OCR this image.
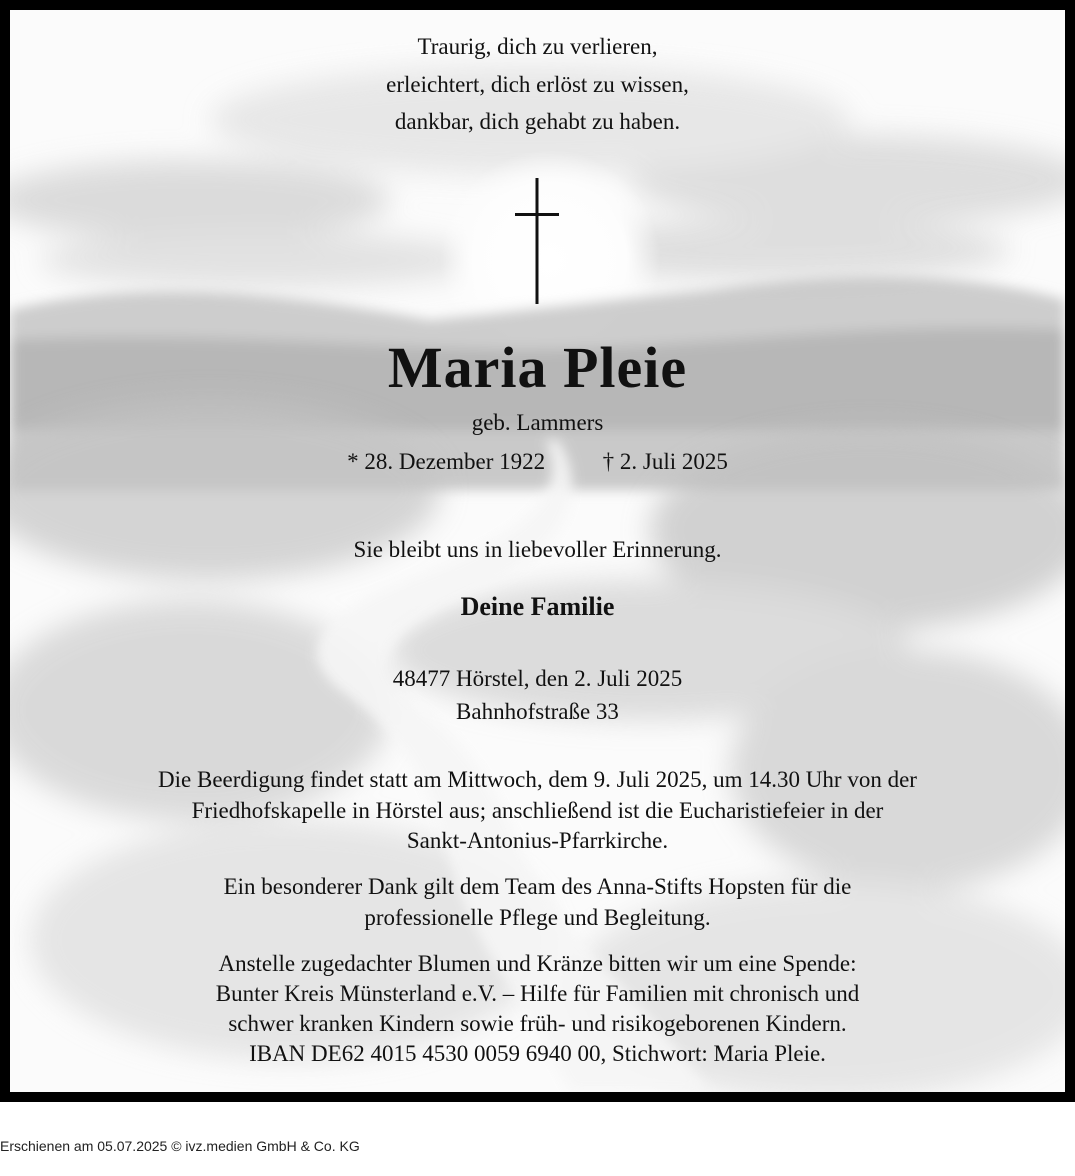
Traurig, dich zu verlieren,
erleichtert, dich erlöst zu wissen,
dankbar, dich gehabt zu haben.
Maria Pleie
geb. Lammers
* 28. Dezember 1922	† 2. Juli 2025
Sie bleibt uns in liebevoller Erinnerung.
Deine Familie
48477 Hörstel, den 2. Juli 2025
Bahnhofstraße 33
Die Beerdigung findet statt am Mittwoch, dem 9. Juli 2025, um 14.30 Uhr von der
Friedhofskapelle in Hörstel aus; anschließend ist die Eucharistiefeier in der
Sankt-Antonius-Pfarrkirche.
Ein besonderer Dank gilt dem Team des Anna-Stifts Hopsten für die
professionelle Pflege und Begleitung.
Anstelle zugedachter Blumen und Kränze bitten wir um eine Spende:
Bunter Kreis Münsterland e.V. – Hilfe für Familien mit chronisch und
schwer kranken Kindern sowie früh- und risikogeborenen Kindern.
IBAN DE62 4015 4530 0059 6940 00, Stichwort: Maria Pleie.
Erschienen am 05.07.2025 © ivz.medien GmbH & Co. KG
